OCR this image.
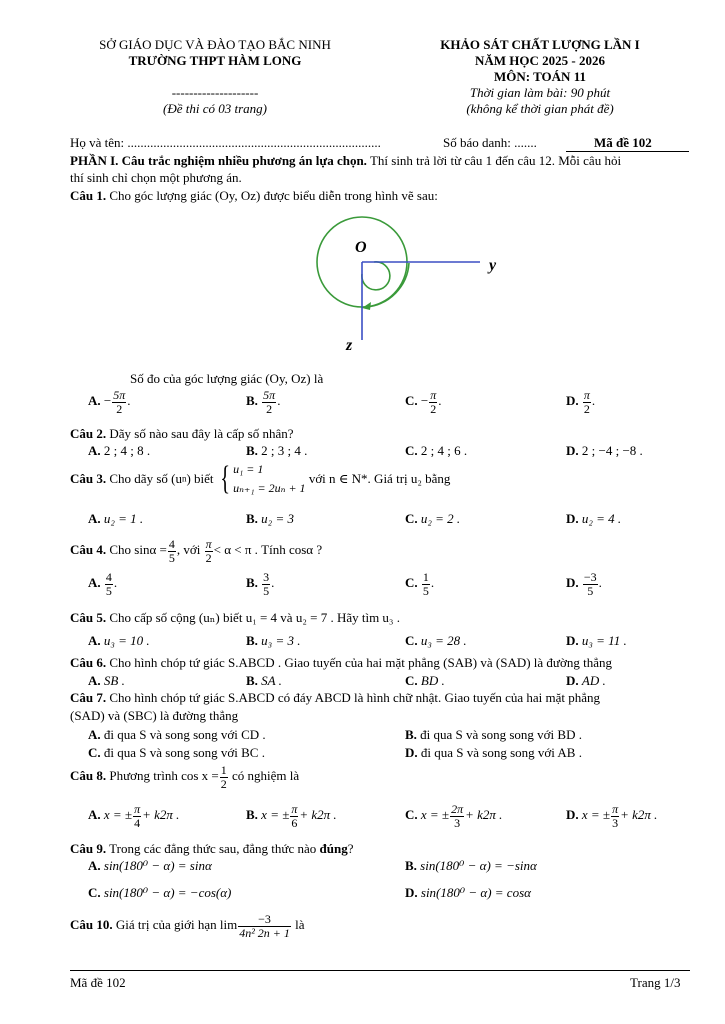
SỞ GIÁO DỤC VÀ ĐÀO TẠO BẮC NINH
TRƯỜNG THPT HÀM LONG
--------------------
(Đề thi có 03 trang)
KHẢO SÁT CHẤT LƯỢNG LẦN I
NĂM HỌC 2025 - 2026
MÔN: TOÁN 11
Thời gian làm bài: 90 phút
(không kể thời gian phát đề)
Họ và tên: ..............................................................................	Số báo danh: .......	Mã đề 102
PHẦN I. Câu trắc nghiệm nhiều phương án lựa chọn. Thí sinh trả lời từ câu 1 đến câu 12. Mỗi câu hỏi
thí sinh chỉ chọn một phương án.
Câu 1. Cho góc lượng giác (Oy, Oz) được biểu diễn trong hình vẽ sau:
O
y
z
Số đo của góc lượng giác (Oy, Oz) là
A. − $\frac{5\pi}{2}$ .	B. $\frac{5\pi}{2}$ .	C. − $\frac{\pi}{2}$ .	D. $\frac{\pi}{2}$ .
Câu 2. Dãy số nào sau đây là cấp số nhân?
A. 2 ; 4 ; 8 .	B. 2 ; 3 ; 4 .	C. 2 ; 4 ; 6 .	D. 2 ; −4 ; −8 .
Câu 3. Cho dãy số (un) biết { u₁ = 1
uₙ₊₁ = 2uₙ + 1
với n ∈ N*. Giá trị u₂ bằng
A. u₂ = 1 .	B. u₂ = 3	C. u₂ = 2 .	D. u₂ = 4 .
Câu 4. Cho $\sin\alpha = \frac{4}{5}$ , với $\frac{\pi}{2} < \alpha < \pi$ . Tính cosα ?
A. $\frac{4}{5}$ .	B. $\frac{3}{5}$ .	C. $\frac{1}{5}$ .	D. $\frac{-3}{5}$ .
Câu 5. Cho cấp số cộng (uₙ) biết u₁ = 4 và u₂ = 7 . Hãy tìm u₃ .
A. u₃ = 10 .	B. u₃ = 3 .	C. u₃ = 28 .	D. u₃ = 11 .
Câu 6. Cho hình chóp tứ giác S.ABCD . Giao tuyến của hai mặt phẳng (SAB) và (SAD) là đường thẳng
A. SB .	B. SA .	C. BD .	D. AD .
Câu 7. Cho hình chóp tứ giác S.ABCD có đáy ABCD là hình chữ nhật. Giao tuyến của hai mặt phẳng
(SAD) và (SBC) là đường thẳng
A. đi qua S và song song với CD .	B. đi qua S và song song với BD .
C. đi qua S và song song với BC .	D. đi qua S và song song với AB .
Câu 8. Phương trình $\cos x = \frac{1}{2}$ có nghiệm là
A. x = ± $\frac{\pi}{4} + k2\pi$ .	B. x = ± $\frac{\pi}{6} + k2\pi$ .	C. x = ± $\frac{2\pi}{3} + k2\pi$ .	D. x = ± $\frac{\pi}{3} + k2\pi$ .
Câu 9. Trong các đẳng thức sau, đẳng thức nào đúng?
A. sin(180⁰ − α) = sinα	B. sin(180⁰ − α) = −sinα
C. sin(180⁰ − α) = −cos(α)	D. sin(180⁰ − α) = cosα
Câu 10. Giá trị của giới hạn $\lim \frac{-3}{\text{4n² 2n + 1}}$ là
Mã đề 102	Trang 1/3
